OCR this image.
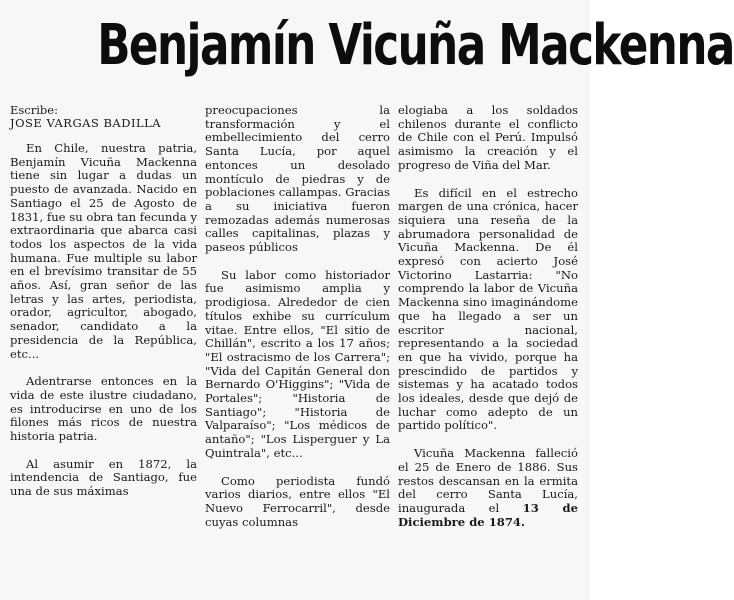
Benjamín Vicuña Mackenna
Escribe:
JOSE VARGAS BADILLA

En Chile, nuestra patria, Benjamín Vicuña Mackenna tiene sin lugar a dudas un puesto de avanzada. Nacido en Santiago el 25 de Agosto de 1831, fue su obra tan fecunda y extraordinaria que abarca casi todos los aspectos de la vida humana. Fue multiple su labor en el brevísimo transitar de 55 años. Así, gran señor de las letras y las artes, periodista, orador, agricultor, abogado, senador, candidato a la presidencia de la República, etc...

Adentrarse entonces en la vida de este ilustre ciudadano, es introducirse en uno de los filones más ricos de nuestra historia patria.

Al asumir en 1872, la intendencia de Santiago, fue una de sus máximas

preocupaciones la transformación y el embellecimiento del cerro Santa Lucía, por aquel entonces un desolado montículo de piedras y de poblaciones callampas. Gracias a su iniciativa fueron remozadas además numerosas calles capitalinas, plazas y paseos públicos

Su labor como historiador fue asimismo amplia y prodigiosa. Alrededor de cien títulos exhibe su currículum vitae. Entre ellos, "El sitio de Chillán", escrito a los 17 años; "El ostracismo de los Carrera"; "Vida del Capitán General don Bernardo O'Higgins"; "Vida de Portales"; "Historia de Santiago"; "Historia de Valparaíso"; "Los médicos de antaño"; "Los Lisperguer y La Quintrala", etc...

Como periodista fundó varios diarios, entre ellos "El Nuevo Ferrocarril", desde cuyas columnas

elogiaba a los soldados chilenos durante el conflicto de Chile con el Perú. Impulsó asimismo la creación y el progreso de Viña del Mar.

Es difícil en el estrecho margen de una crónica, hacer siquiera una reseña de la abrumadora personalidad de Vicuña Mackenna. De él expresó con acierto José Victorino Lastarria: "No comprendo la labor de Vicuña Mackenna sino imaginándome que ha llegado a ser un escritor nacional, representando a la sociedad en que ha vivido, porque ha prescindido de partidos y sistemas y ha acatado todos los ideales, desde que dejó de luchar como adepto de un partido político".

Vicuña Mackenna falleció el 25 de Enero de 1886. Sus restos descansan en la ermita del cerro Santa Lucía, inaugurada el 13 de Diciembre de 1874.
